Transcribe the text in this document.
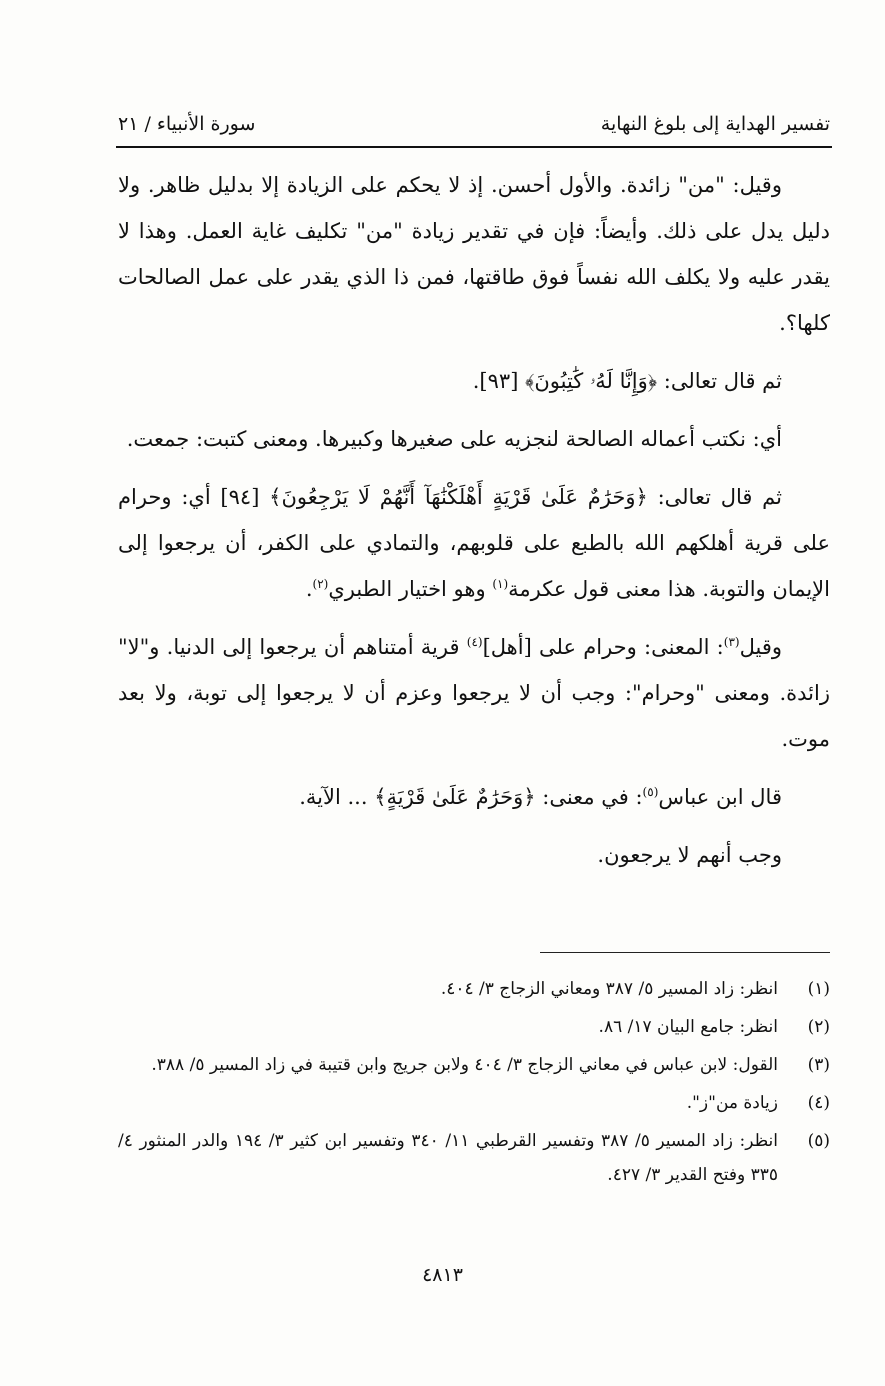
تفسير الهداية إلى بلوغ النهاية
سورة الأنبياء / ٢١

وقيل: "من" زائدة. والأول أحسن. إذ لا يحكم على الزيادة إلا بدليل ظاهر. ولا دليل يدل على ذلك. وأيضاً: فإن في تقدير زيادة "من" تكليف غاية العمل. وهذا لا يقدر عليه ولا يكلف الله نفساً فوق طاقتها، فمن ذا الذي يقدر على عمل الصالحات كلها؟.

ثم قال تعالى: ﴿وَإِنَّا لَهُۥ كَٰتِبُونَ﴾ [٩٣].

أي: نكتب أعماله الصالحة لنجزيه على صغيرها وكبيرها. ومعنى كتبت: جمعت.

ثم قال تعالى: ﴿وَحَرَٰمٌ عَلَىٰ قَرْيَةٍ أَهْلَكْنَٰهَآ أَنَّهُمْ لَا يَرْجِعُونَ﴾ [٩٤] أي: وحرام على قرية أهلكهم الله بالطبع على قلوبهم، والتمادي على الكفر، أن يرجعوا إلى الإيمان والتوبة. هذا معنى قول عكرمة$^{(١)}$ وهو اختيار الطبري$^{(٢)}$.

وقيل$^{(٣)}$: المعنى: وحرام على [أهل]$^{(٤)}$ قرية أمتناهم أن يرجعوا إلى الدنيا. و"لا" زائدة. ومعنى "وحرام": وجب أن لا يرجعوا وعزم أن لا يرجعوا إلى توبة، ولا بعد موت.

قال ابن عباس$^{(٥)}$: في معنى: ﴿وَحَرَٰمٌ عَلَىٰ قَرْيَةٍ﴾ ... الآية.

وجب أنهم لا يرجعون.

(١)
انظر: زاد المسير ٥/ ٣٨٧ ومعاني الزجاج ٣/ ٤٠٤.
(٢)
انظر: جامع البيان ١٧/ ٨٦.
(٣)
القول: لابن عباس في معاني الزجاج ٣/ ٤٠٤ ولابن جريج وابن قتيبة في زاد المسير ٥/ ٣٨٨.
(٤)
زيادة من"ز".
(٥)
انظر: زاد المسير ٥/ ٣٨٧ وتفسير القرطبي ١١/ ٣٤٠ وتفسير ابن كثير ٣/ ١٩٤ والدر المنثور ٤/ ٣٣٥ وفتح القدير ٣/ ٤٢٧.
٤٨١٣
